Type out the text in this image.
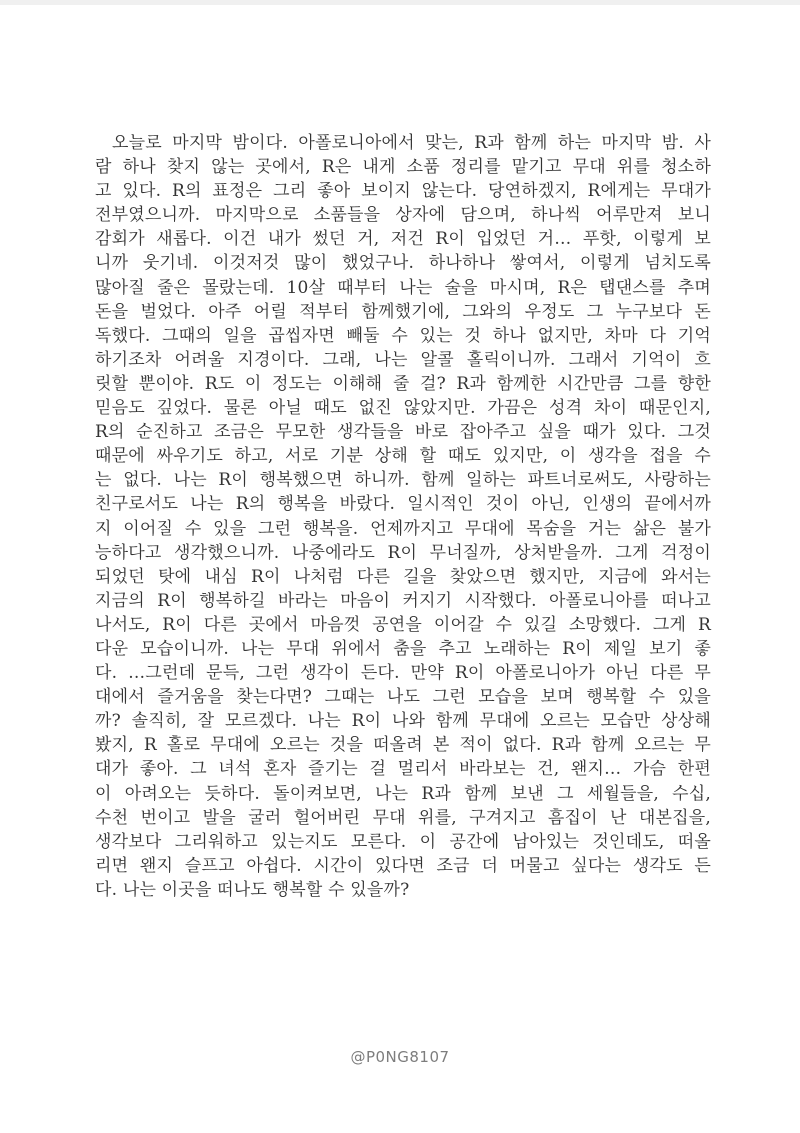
오늘로 마지막 밤이다. 아폴로니아에서 맞는, R과 함께 하는 마지막 밤. 사
람 하나 찾지 않는 곳에서, R은 내게 소품 정리를 맡기고 무대 위를 청소하
고 있다. R의 표정은 그리 좋아 보이지 않는다. 당연하겠지, R에게는 무대가
전부였으니까. 마지막으로 소품들을 상자에 담으며, 하나씩 어루만져 보니
감회가 새롭다. 이건 내가 썼던 거, 저건 R이 입었던 거… 푸핫, 이렇게 보
니까 웃기네. 이것저것 많이 했었구나. 하나하나 쌓여서, 이렇게 넘치도록
많아질 줄은 몰랐는데. 10살 때부터 나는 술을 마시며, R은 탭댄스를 추며
돈을 벌었다. 아주 어릴 적부터 함께했기에, 그와의 우정도 그 누구보다 돈
독했다. 그때의 일을 곱씹자면 빼둘 수 있는 것 하나 없지만, 차마 다 기억
하기조차 어려울 지경이다. 그래, 나는 알콜 홀릭이니까. 그래서 기억이 흐
릿할 뿐이야. R도 이 정도는 이해해 줄 걸? R과 함께한 시간만큼 그를 향한
믿음도 깊었다. 물론 아닐 때도 없진 않았지만. 가끔은 성격 차이 때문인지,
R의 순진하고 조금은 무모한 생각들을 바로 잡아주고 싶을 때가 있다. 그것
때문에 싸우기도 하고, 서로 기분 상해 할 때도 있지만, 이 생각을 접을 수
는 없다. 나는 R이 행복했으면 하니까. 함께 일하는 파트너로써도, 사랑하는
친구로서도 나는 R의 행복을 바랐다. 일시적인 것이 아닌, 인생의 끝에서까
지 이어질 수 있을 그런 행복을. 언제까지고 무대에 목숨을 거는 삶은 불가
능하다고 생각했으니까. 나중에라도 R이 무너질까, 상처받을까. 그게 걱정이
되었던 탓에 내심 R이 나처럼 다른 길을 찾았으면 했지만, 지금에 와서는
지금의 R이 행복하길 바라는 마음이 커지기 시작했다. 아폴로니아를 떠나고
나서도, R이 다른 곳에서 마음껏 공연을 이어갈 수 있길 소망했다. 그게 R
다운 모습이니까. 나는 무대 위에서 춤을 추고 노래하는 R이 제일 보기 좋
다. …그런데 문득, 그런 생각이 든다. 만약 R이 아폴로니아가 아닌 다른 무
대에서 즐거움을 찾는다면? 그때는 나도 그런 모습을 보며 행복할 수 있을
까? 솔직히, 잘 모르겠다. 나는 R이 나와 함께 무대에 오르는 모습만 상상해
봤지, R 홀로 무대에 오르는 것을 떠올려 본 적이 없다. R과 함께 오르는 무
대가 좋아. 그 녀석 혼자 즐기는 걸 멀리서 바라보는 건, 왠지… 가슴 한편
이 아려오는 듯하다. 돌이켜보면, 나는 R과 함께 보낸 그 세월들을, 수십,
수천 번이고 발을 굴러 헐어버린 무대 위를, 구겨지고 흠집이 난 대본집을,
생각보다 그리워하고 있는지도 모른다. 이 공간에 남아있는 것인데도, 떠올
리면 왠지 슬프고 아쉽다. 시간이 있다면 조금 더 머물고 싶다는 생각도 든
다. 나는 이곳을 떠나도 행복할 수 있을까?
@P0NG8107
